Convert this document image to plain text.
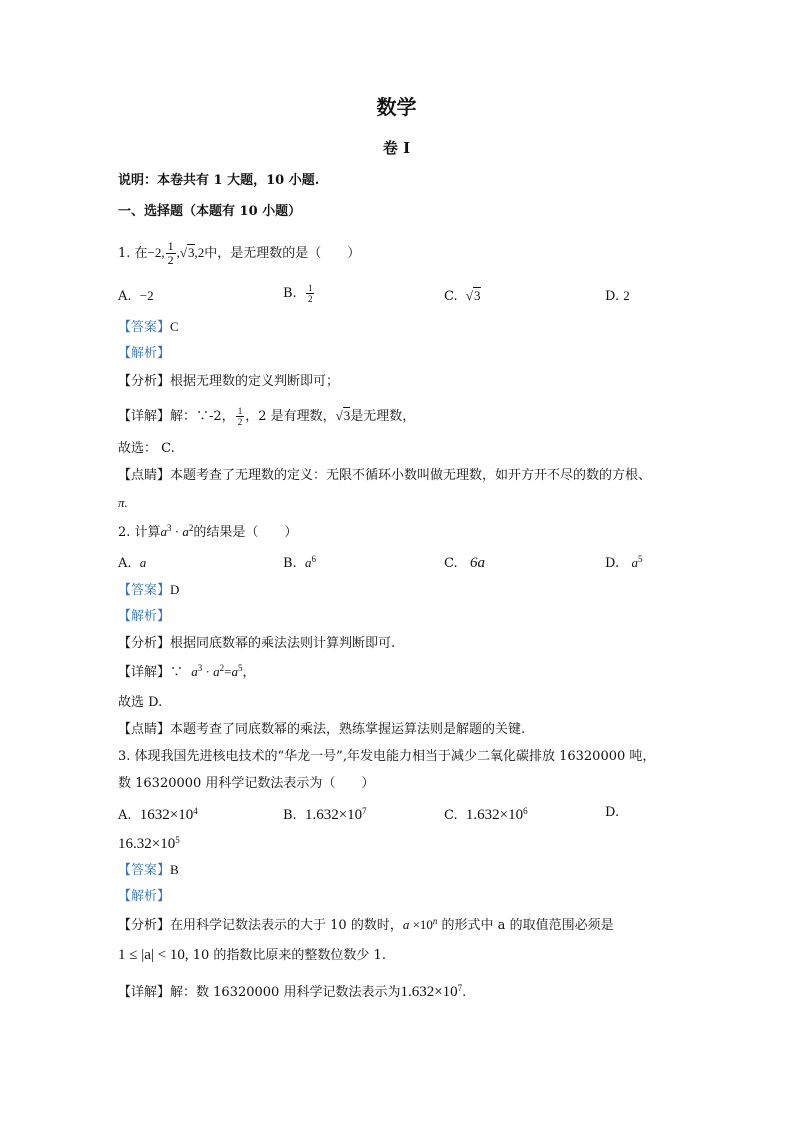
数学
卷 I
说明：本卷共有 1 大题，10 小题.
一、选择题（本题有 10 小题）
1. 在−2, $\frac{1}{2} ,√3,2$中，是无理数的是（　　）
A. −2	B. $\frac{1}{2}$	C. √3	D. 2
【答案】C
【解析】
【分析】根据无理数的定义判断即可；
【详解】解：∵-2， $\frac{1}{2}$ ，2 是有理数，√3是无理数，
故选： C.
【点睛】本题考查了无理数的定义：无限不循环小数叫做无理数，如开方开不尽的数的方根、
π.
2. 计算$a^3 \cdot a^2$的结果是（　　）
A. a	B. $a^6$	C. 6a	D. $a^5$
【答案】D
【解析】
【分析】根据同底数幂的乘法法则计算判断即可.
【详解】∵ $a^3 \cdot a^2=a^5$，
故选 D.
【点睛】本题考查了同底数幂的乘法，熟练掌握运算法则是解题的关键.
3. 体现我国先进核电技术的“华龙一号”,年发电能力相当于减少二氧化碳排放 16320000 吨，
数 16320000 用科学记数法表示为（　　）
A. $1632\times 10^4$	B. $1.632\times 10^7$	C. $1.632\times 10^6$	D.
$16.32\times 10^5$
【答案】B
【解析】
【分析】在用科学记数法表示的大于 10 的数时，$a \times 10^n$ 的形式中 a 的取值范围必须是
1 ≤ |a| < 10, 10 的指数比原来的整数位数少 1.
【详解】解：数 16320000 用科学记数法表示为$1.632\times 10^7$.
